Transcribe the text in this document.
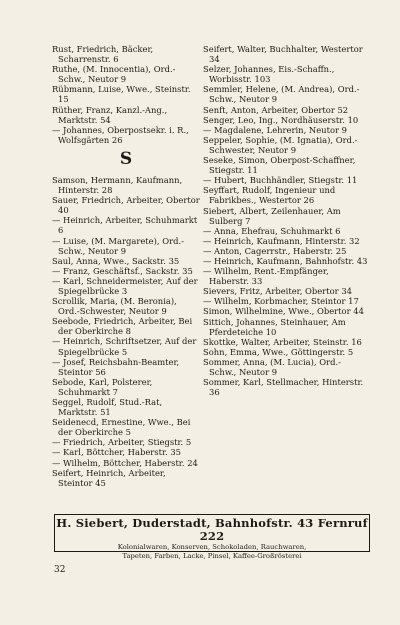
Rust, Friedrich, Bäcker, Scharrenstr. 6
Ruthe, (M. Innocentia), Ord.-Schw., Neutor 9
Rübmann, Luise, Wwe., Steinstr. 15
Rüther, Franz, Kanzl.-Ang., Marktstr. 54
— Johannes, Oberpostsekr. i. R., Wolfsgärten 26
S
Samson, Hermann, Kaufmann, Hinterstr. 28
Sauer, Friedrich, Arbeiter, Obertor 40
— Heinrich, Arbeiter, Schuhmarkt 6
— Luise, (M. Margarete), Ord.-Schw., Neutor 9
Saul, Anna, Wwe., Sackstr. 35
— Franz, Geschäftsf., Sackstr. 35
— Karl, Schneidermeister, Auf der Spiegelbrücke 3
Scrollik, Maria, (M. Beronia), Ord.-Schwester, Neutor 9
Seebode, Friedrich, Arbeiter, Bei der Oberkirche 8
— Heinrich, Schriftsetzer, Auf der Spiegelbrücke 5
— Josef, Reichsbahn-Beamter, Steintor 56
Sebode, Karl, Polsterer, Schuhmarkt 7
Seggel, Rudolf, Stud.-Rat, Marktstr. 51
Seidenecd, Ernestine, Wwe., Bei der Oberkirche 5
— Friedrich, Arbeiter, Stiegstr. 5
— Karl, Böttcher, Haberstr. 35
— Wilhelm, Böttcher, Haberstr. 24
Seifert, Heinrich, Arbeiter, Steintor 45
Seifert, Walter, Buchhalter, Westertor 34
Selzer, Johannes, Eis.-Schaffn., Worbisstr. 103
Semmler, Helene, (M. Andrea), Ord.-Schw., Neutor 9
Senft, Anton, Arbeiter, Obertor 52
Senger, Leo, Ing., Nordhäuserstr. 10
— Magdalene, Lehrerin, Neutor 9
Seppeler, Sophie, (M. Ignatia), Ord.-Schwester, Neutor 9
Seseke, Simon, Oberpost-Schaffner, Stiegstr. 11
— Hubert, Buchhändler, Stiegstr. 11
Seyffart, Rudolf, Ingenieur und Fabrikbes., Westertor 26
Siebert, Albert, Zeilenhauer, Am Sulberg 7
— Anna, Ehefrau, Schuhmarkt 6
— Heinrich, Kaufmann, Hinterstr. 32
— Anton, Cagerrstr., Haberstr. 25
— Heinrich, Kaufmann, Bahnhofstr. 43
— Wilhelm, Rent.-Empfänger, Haberstr. 33
Sievers, Fritz, Arbeiter, Obertor 34
— Wilhelm, Korbmacher, Steintor 17
Simon, Wilhelmine, Wwe., Obertor 44
Sittich, Johannes, Steinhauer, Am Pferdeteiche 10
Skottke, Walter, Arbeiter, Steinstr. 16
Sohn, Emma, Wwe., Göttingerstr. 5
Sommer, Anna, (M. Lucia), Ord.-Schw., Neutor 9
Sommer, Karl, Stellmacher, Hinterstr. 36
H. Siebert, Duderstadt, Bahnhofstr. 43 Fernruf 222
Kolonialwaren, Konserven, Schokoladen, Rauchwaren,
Tapeten, Farben, Lacke, Pinsel, Kaffee-Großrösterei
32
